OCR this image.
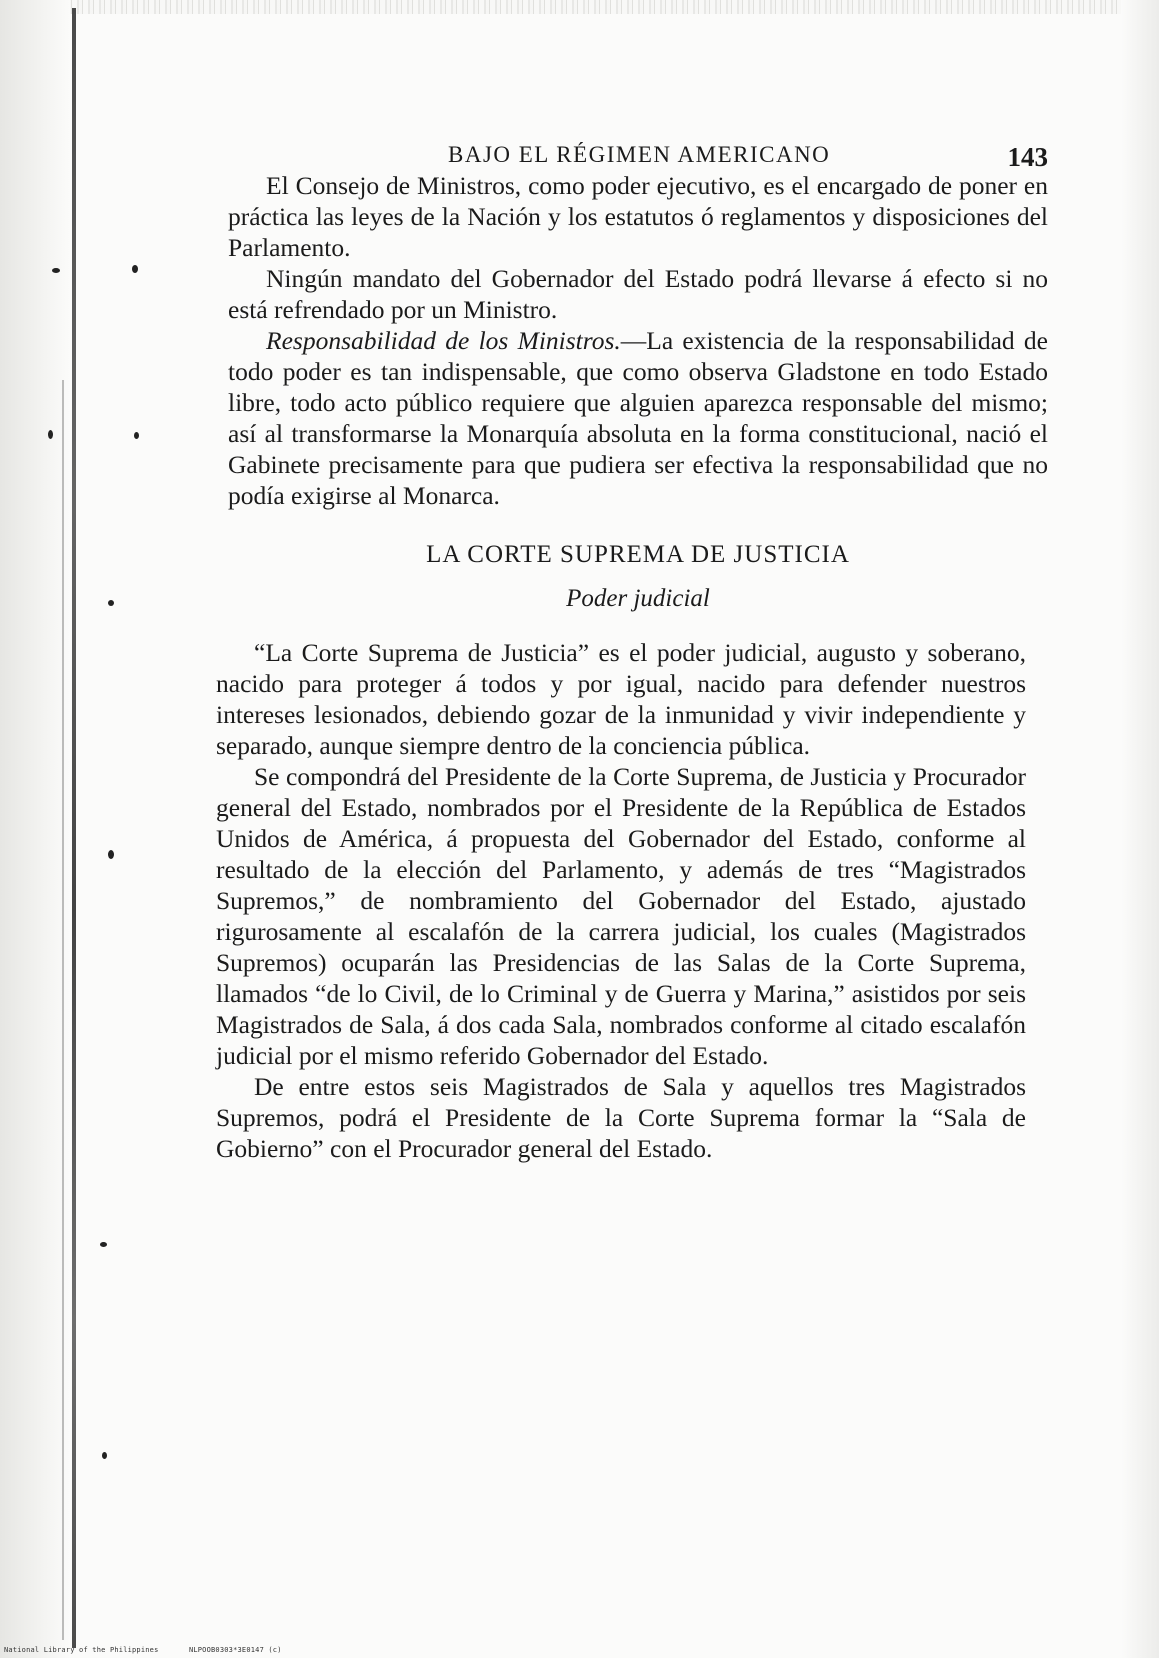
BAJO EL RÉGIMEN AMERICANO	143

El Consejo de Ministros, como poder ejecutivo, es el encargado de poner en práctica las leyes de la Nación y los estatutos ó reglamentos y disposiciones del Parlamento.

Ningún mandato del Gobernador del Estado podrá llevarse á efecto si no está refrendado por un Ministro.

Responsabilidad de los Ministros.—La existencia de la responsabilidad de todo poder es tan indispensable, que como observa Gladstone en todo Estado libre, todo acto público requiere que alguien aparezca responsable del mismo; así al transformarse la Monarquía absoluta en la forma constitucional, nació el Gabinete precisamente para que pudiera ser efectiva la responsabilidad que no podía exigirse al Monarca.

LA CORTE SUPREMA DE JUSTICIA
Poder judicial

“La Corte Suprema de Justicia” es el poder judicial, augusto y soberano, nacido para proteger á todos y por igual, nacido para defender nuestros intereses lesionados, debiendo gozar de la inmunidad y vivir independiente y separado, aunque siempre dentro de la conciencia pública.

Se compondrá del Presidente de la Corte Suprema, de Justicia y Procurador general del Estado, nombrados por el Presidente de la República de Estados Unidos de América, á propuesta del Gobernador del Estado, conforme al resultado de la elección del Parlamento, y además de tres “Magistrados Supremos,” de nombramiento del Gobernador del Estado, ajustado rigurosamente al escalafón de la carrera judicial, los cuales (Magistrados Supremos) ocuparán las Presidencias de las Salas de la Corte Suprema, llamados “de lo Civil, de lo Criminal y de Guerra y Marina,” asistidos por seis Magistrados de Sala, á dos cada Sala, nombrados conforme al citado escalafón judicial por el mismo referido Gobernador del Estado.

De entre estos seis Magistrados de Sala y aquellos tres Magistrados Supremos, podrá el Presidente de la Corte Suprema formar la “Sala de Gobierno” con el Procurador general del Estado.

National Library of the Philippines	NLPOOB0303*3E0147 (c)
